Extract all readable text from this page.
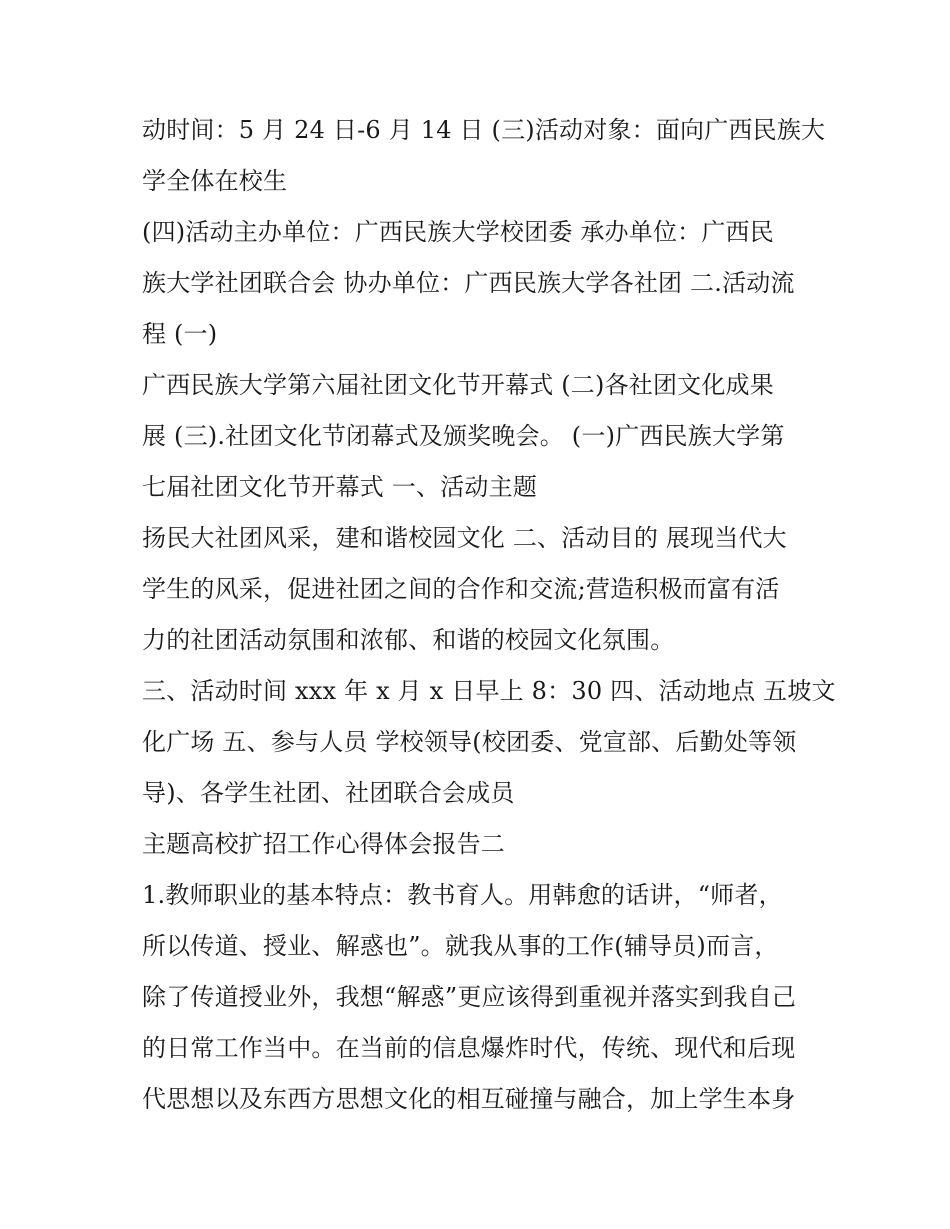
动时间：5 月 24 日-6 月 14 日 (三)活动对象：面向广西民族大
学全体在校生
(四)活动主办单位：广西民族大学校团委 承办单位：广西民
族大学社团联合会 协办单位：广西民族大学各社团 二.活动流
程 (一)
广西民族大学第六届社团文化节开幕式 (二)各社团文化成果
展 (三).社团文化节闭幕式及颁奖晚会。 (一)广西民族大学第
七届社团文化节开幕式 一、活动主题
扬民大社团风采，建和谐校园文化 二、活动目的 展现当代大
学生的风采，促进社团之间的合作和交流;营造积极而富有活
力的社团活动氛围和浓郁、和谐的校园文化氛围。
三、活动时间 xxx 年 x 月 x 日早上 8：30 四、活动地点 五坡文
化广场 五、参与人员 学校领导(校团委、党宣部、后勤处等领
导)、各学生社团、社团联合会成员
主题高校扩招工作心得体会报告二
1.教师职业的基本特点：教书育人。用韩愈的话讲，“师者，
所以传道、授业、解惑也”。就我从事的工作(辅导员)而言，
除了传道授业外，我想“解惑”更应该得到重视并落实到我自己
的日常工作当中。在当前的信息爆炸时代，传统、现代和后现
代思想以及东西方思想文化的相互碰撞与融合，加上学生本身
